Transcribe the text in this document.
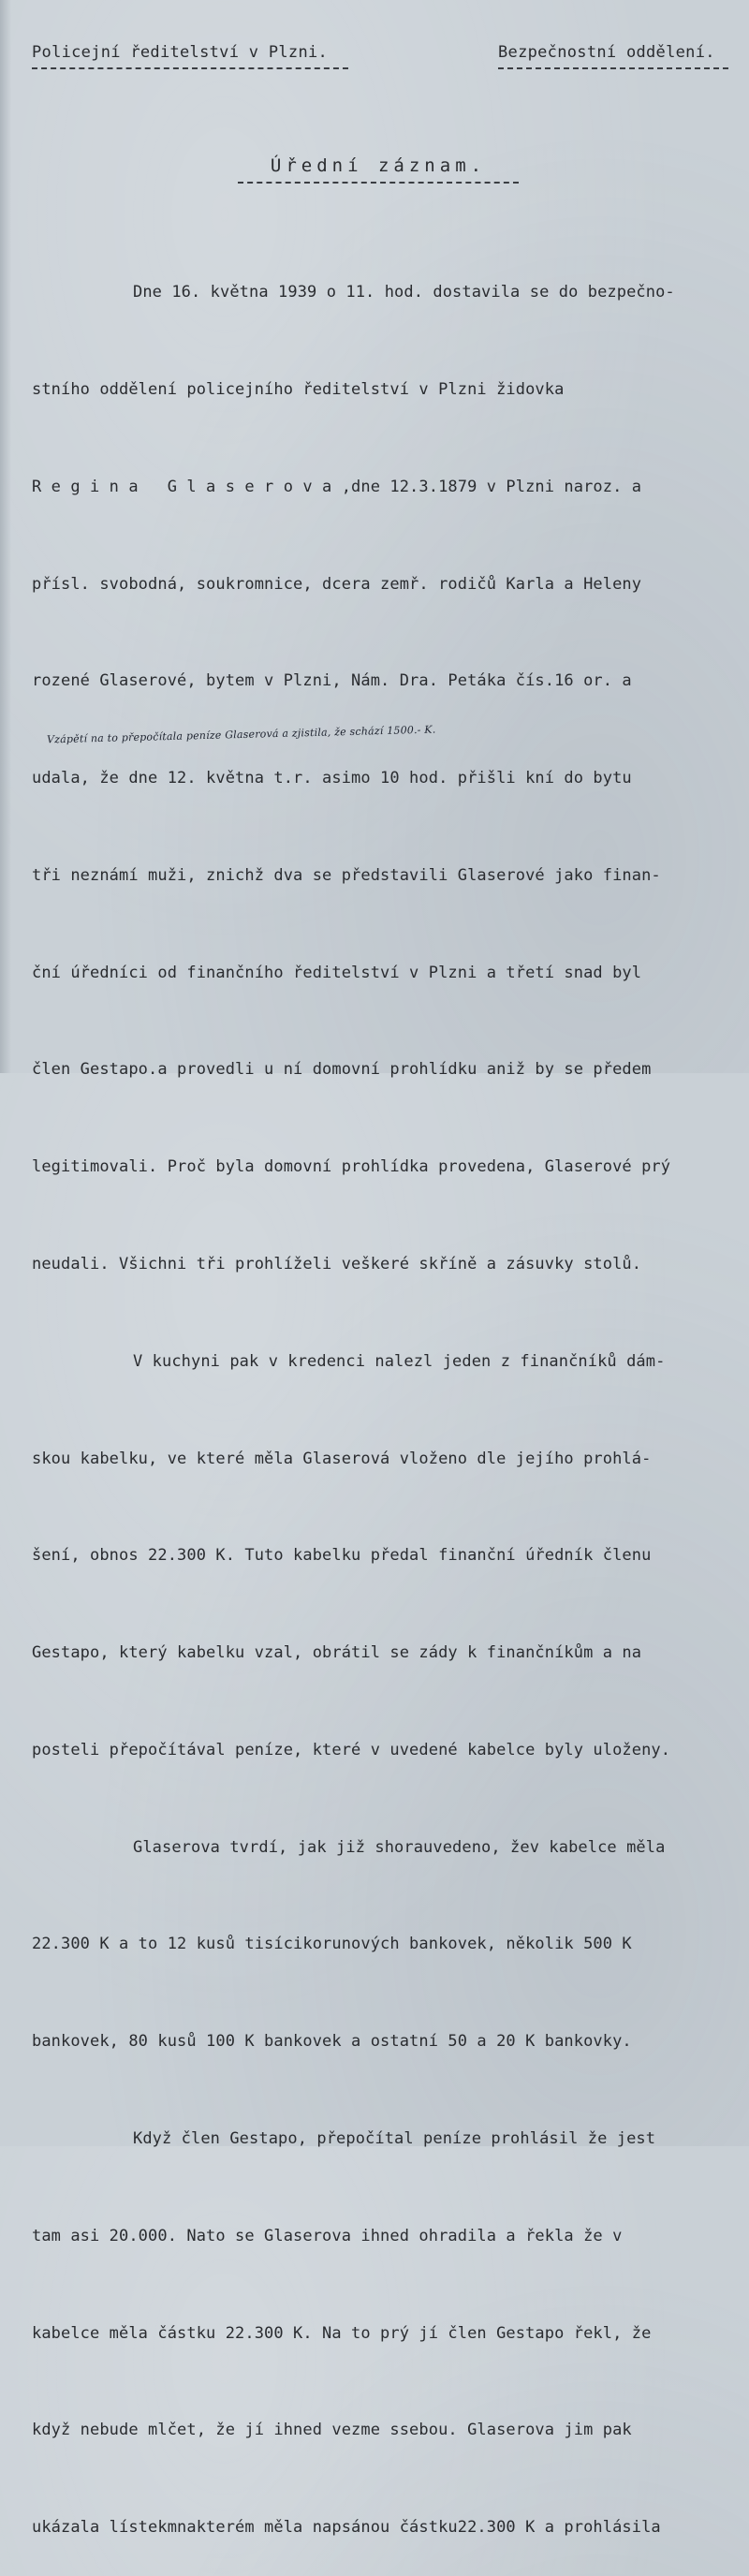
Policejní ředitelství v Plzni.	Bezpečnostní oddělení.
Úřední záznam.

Dne 16. května 1939 o 11. hod. dostavila se do bezpečno-

stního oddělení policejního ředitelství v Plzni židovka

R e g i n a   G l a s e r o v a ,dne 12.3.1879 v Plzni naroz. a

přísl. svobodná, soukromnice, dcera zemř. rodičů Karla a Heleny

rozené Glaserové, bytem v Plzni, Nám. Dra. Petáka čís.16 or. a

udala, že dne 12. května t.r. asimo 10 hod. přišli kní do bytu

tři neznámí muži, znichž dva se představili Glaserové jako finan-

ční úředníci od finančního ředitelství v Plzni a třetí snad byl

člen Gestapo.a provedli u ní domovní prohlídku aniž by se předem

legitimovali. Proč byla domovní prohlídka provedena, Glaserové prý

neudali. Všichni tři prohlíželi veškeré skříně a zásuvky stolů.

V kuchyni pak v kredenci nalezl jeden z finančníků dám-

skou kabelku, ve které měla Glaserová vloženo dle jejího prohlá-

šení, obnos 22.300 K. Tuto kabelku předal finanční úředník členu

Gestapo, který kabelku vzal, obrátil se zády k finančníkům a na

posteli přepočítával peníze, které v uvedené kabelce byly uloženy.

Glaserova tvrdí, jak již shorauvedeno, žev kabelce měla

22.300 K a to 12 kusů tisícikorunových bankovek, několik 500 K

bankovek, 80 kusů 100 K bankovek a ostatní 50 a 20 K bankovky.

Když člen Gestapo, přepočítal peníze prohlásil že jest

tam asi 20.000. Nato se Glaserova ihned ohradila a řekla že v

kabelce měla částku 22.300 K. Na to prý jí člen Gestapo řekl, že

když nebude mlčet, že jí ihned vezme ssebou. Glaserova jim pak

ukázala lístekmnakterém měla napsánou částku22.300 K a prohlásila

Vzápětí na to přepočítala peníze Glaserová a zjistila, že schází 1500.- K.
